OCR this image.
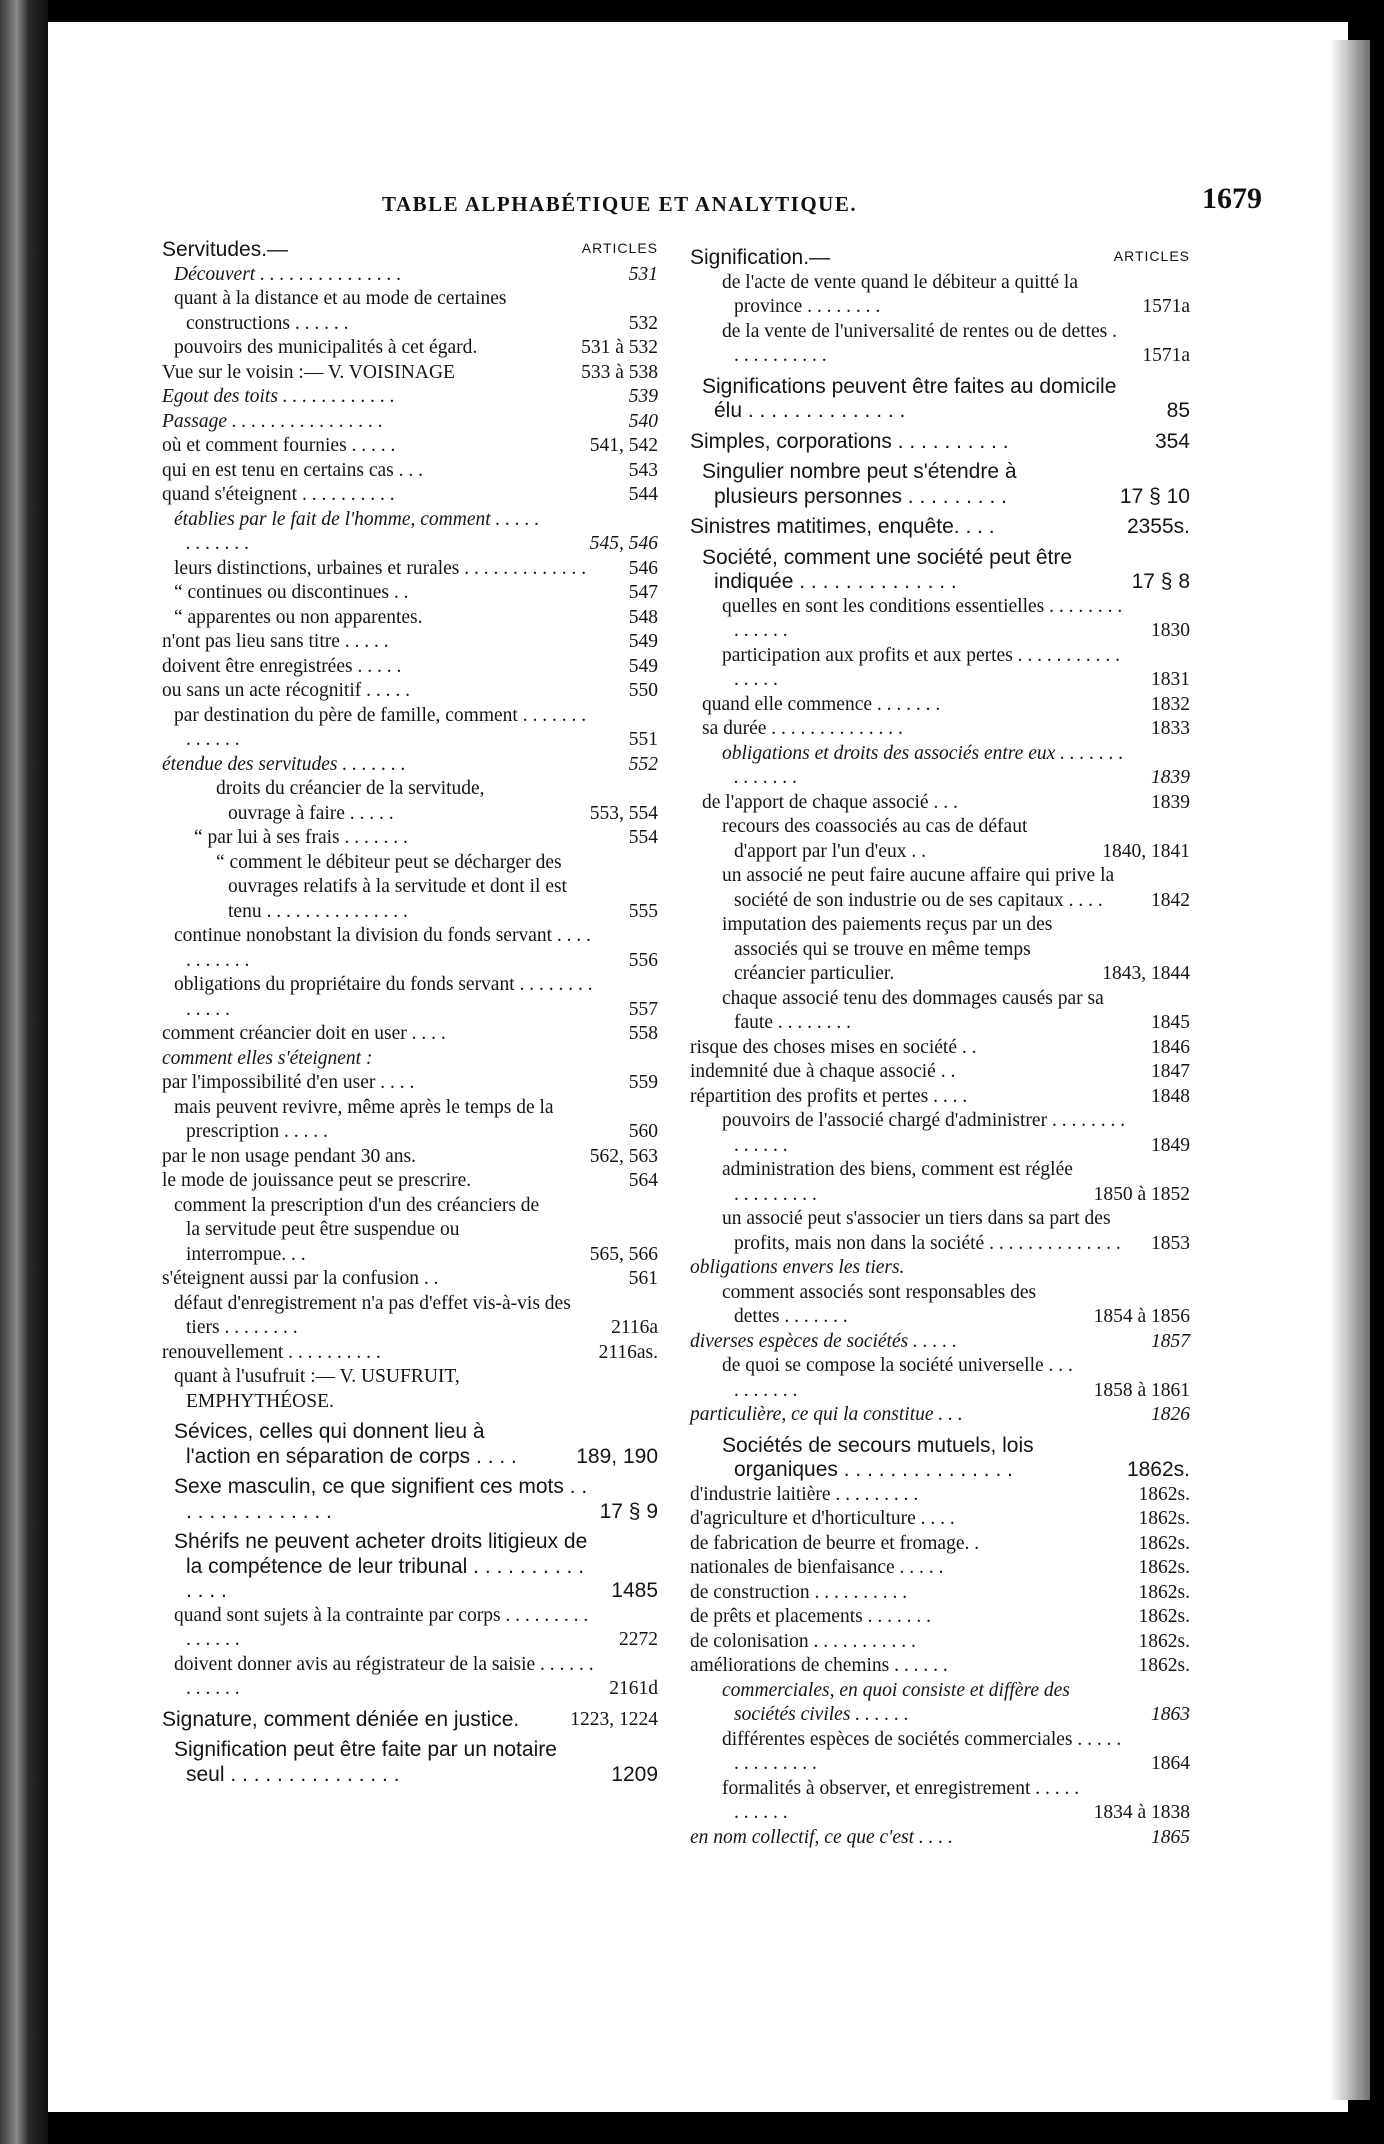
TABLE ALPHABÉTIQUE ET ANALYTIQUE.	1679
Servitudes.—	ARTICLES
Découvert . . . . . . . . . . . . . . .	531
quant à la distance et au mode de certaines constructions . . . . . .	532
pouvoirs des municipalités à cet égard.	531 à 532
Vue sur le voisin :— V. VOISINAGE	533 à 538
Egout des toits . . . . . . . . . . . .	539
Passage . . . . . . . . . . . . . . . .	540
où et comment fournies . . . . .	541, 542
qui en est tenu en certains cas . . .	543
quand s'éteignent . . . . . . . . . .	544
établies par le fait de l'homme, comment . . . . . . . . . . . .	545, 546
leurs distinctions, urbaines et rurales . . . . . . . . . . . . .	546
“ continues ou discontinues . .	547
“ apparentes ou non apparentes.	548
n'ont pas lieu sans titre . . . . .	549
doivent être enregistrées . . . . .	549
ou sans un acte récognitif . . . . .	550
par destination du père de famille, comment . . . . . . . . . . . . .	551
étendue des servitudes . . . . . . .	552
droits du créancier de la servitude, ouvrage à faire . . . . .	553, 554
“ par lui à ses frais . . . . . . .	554
“ comment le débiteur peut se décharger des ouvrages relatifs à la servitude et dont il est tenu . . . . . . . . . . . . . . .	555
continue nonobstant la division du fonds servant . . . . . . . . . . .	556
obligations du propriétaire du fonds servant . . . . . . . . . . . . .	557
comment créancier doit en user . . . .	558
comment elles s'éteignent :
par l'impossibilité d'en user . . . .	559
mais peuvent revivre, même après le temps de la prescription . . . . .	560
par le non usage pendant 30 ans.	562, 563
le mode de jouissance peut se prescrire.	564
comment la prescription d'un des créanciers de la servitude peut être suspendue ou interrompue. . .	565, 566
s'éteignent aussi par la confusion . .	561
défaut d'enregistrement n'a pas d'effet vis-à-vis des tiers . . . . . . . .	2116a
renouvellement . . . . . . . . . .	2116as.
quant à l'usufruit :— V. USUFRUIT, EMPHYTHÉOSE.
Sévices, celles qui donnent lieu à l'action en séparation de corps . . . .	189, 190
Sexe masculin, ce que signifient ces mots . . . . . . . . . . . . . . .	17 § 9
Shérifs ne peuvent acheter droits litigieux de la compétence de leur tribunal . . . . . . . . . . . . . .	1485
quand sont sujets à la contrainte par corps . . . . . . . . . . . . . . .	2272
doivent donner avis au régistrateur de la saisie . . . . . . . . . . . .	2161d
Signature, comment déniée en justice.	1223, 1224
Signification peut être faite par un notaire seul . . . . . . . . . . . . . . .	1209
Signification.—	ARTICLES
de l'acte de vente quand le débiteur a quitté la province . . . . . . . .	1571a
de la vente de l'universalité de rentes ou de dettes . . . . . . . . . . .	1571a
Significations peuvent être faites au domicile élu . . . . . . . . . . . . . .	85
Simples, corporations . . . . . . . . . .	354
Singulier nombre peut s'étendre à plusieurs personnes . . . . . . . . .	17 § 10
Sinistres matitimes, enquête. . . .	2355s.
Société, comment une société peut être indiquée . . . . . . . . . . . . . .	17 § 8
quelles en sont les conditions essentielles . . . . . . . . . . . . . .	1830
participation aux profits et aux pertes . . . . . . . . . . . . . . . .	1831
quand elle commence . . . . . . .	1832
sa durée . . . . . . . . . . . . . .	1833
obligations et droits des associés entre eux . . . . . . . . . . . . . .	1839
de l'apport de chaque associé . . .	1839
recours des coassociés au cas de défaut d'apport par l'un d'eux . .	1840, 1841
un associé ne peut faire aucune affaire qui prive la société de son industrie ou de ses capitaux . . . .	1842
imputation des paiements reçus par un des associés qui se trouve en même temps créancier particulier.	1843, 1844
chaque associé tenu des dommages causés par sa faute . . . . . . . .	1845
risque des choses mises en société . .	1846
indemnité due à chaque associé . .	1847
répartition des profits et pertes . . . .	1848
pouvoirs de l'associé chargé d'administrer . . . . . . . . . . . . . .	1849
administration des biens, comment est réglée . . . . . . . . .	1850 à 1852
un associé peut s'associer un tiers dans sa part des profits, mais non dans la société . . . . . . . . . . . . . .	1853
obligations envers les tiers.
comment associés sont responsables des dettes . . . . . . .	1854 à 1856
diverses espèces de sociétés . . . . .	1857
de quoi se compose la société universelle . . . . . . . . . .	1858 à 1861
particulière, ce qui la constitue . . .	1826
Sociétés de secours mutuels, lois organiques . . . . . . . . . . . . . . .	1862s.
d'industrie laitière . . . . . . . . .	1862s.
d'agriculture et d'horticulture . . . .	1862s.
de fabrication de beurre et fromage. .	1862s.
nationales de bienfaisance . . . . .	1862s.
de construction . . . . . . . . . .	1862s.
de prêts et placements . . . . . . .	1862s.
de colonisation . . . . . . . . . . .	1862s.
améliorations de chemins . . . . . .	1862s.
commerciales, en quoi consiste et diffère des sociétés civiles . . . . . .	1863
différentes espèces de sociétés commerciales . . . . . . . . . . . . . .	1864
formalités à observer, et enregistrement . . . . . . . . . . .	1834 à 1838
en nom collectif, ce que c'est . . . .	1865
